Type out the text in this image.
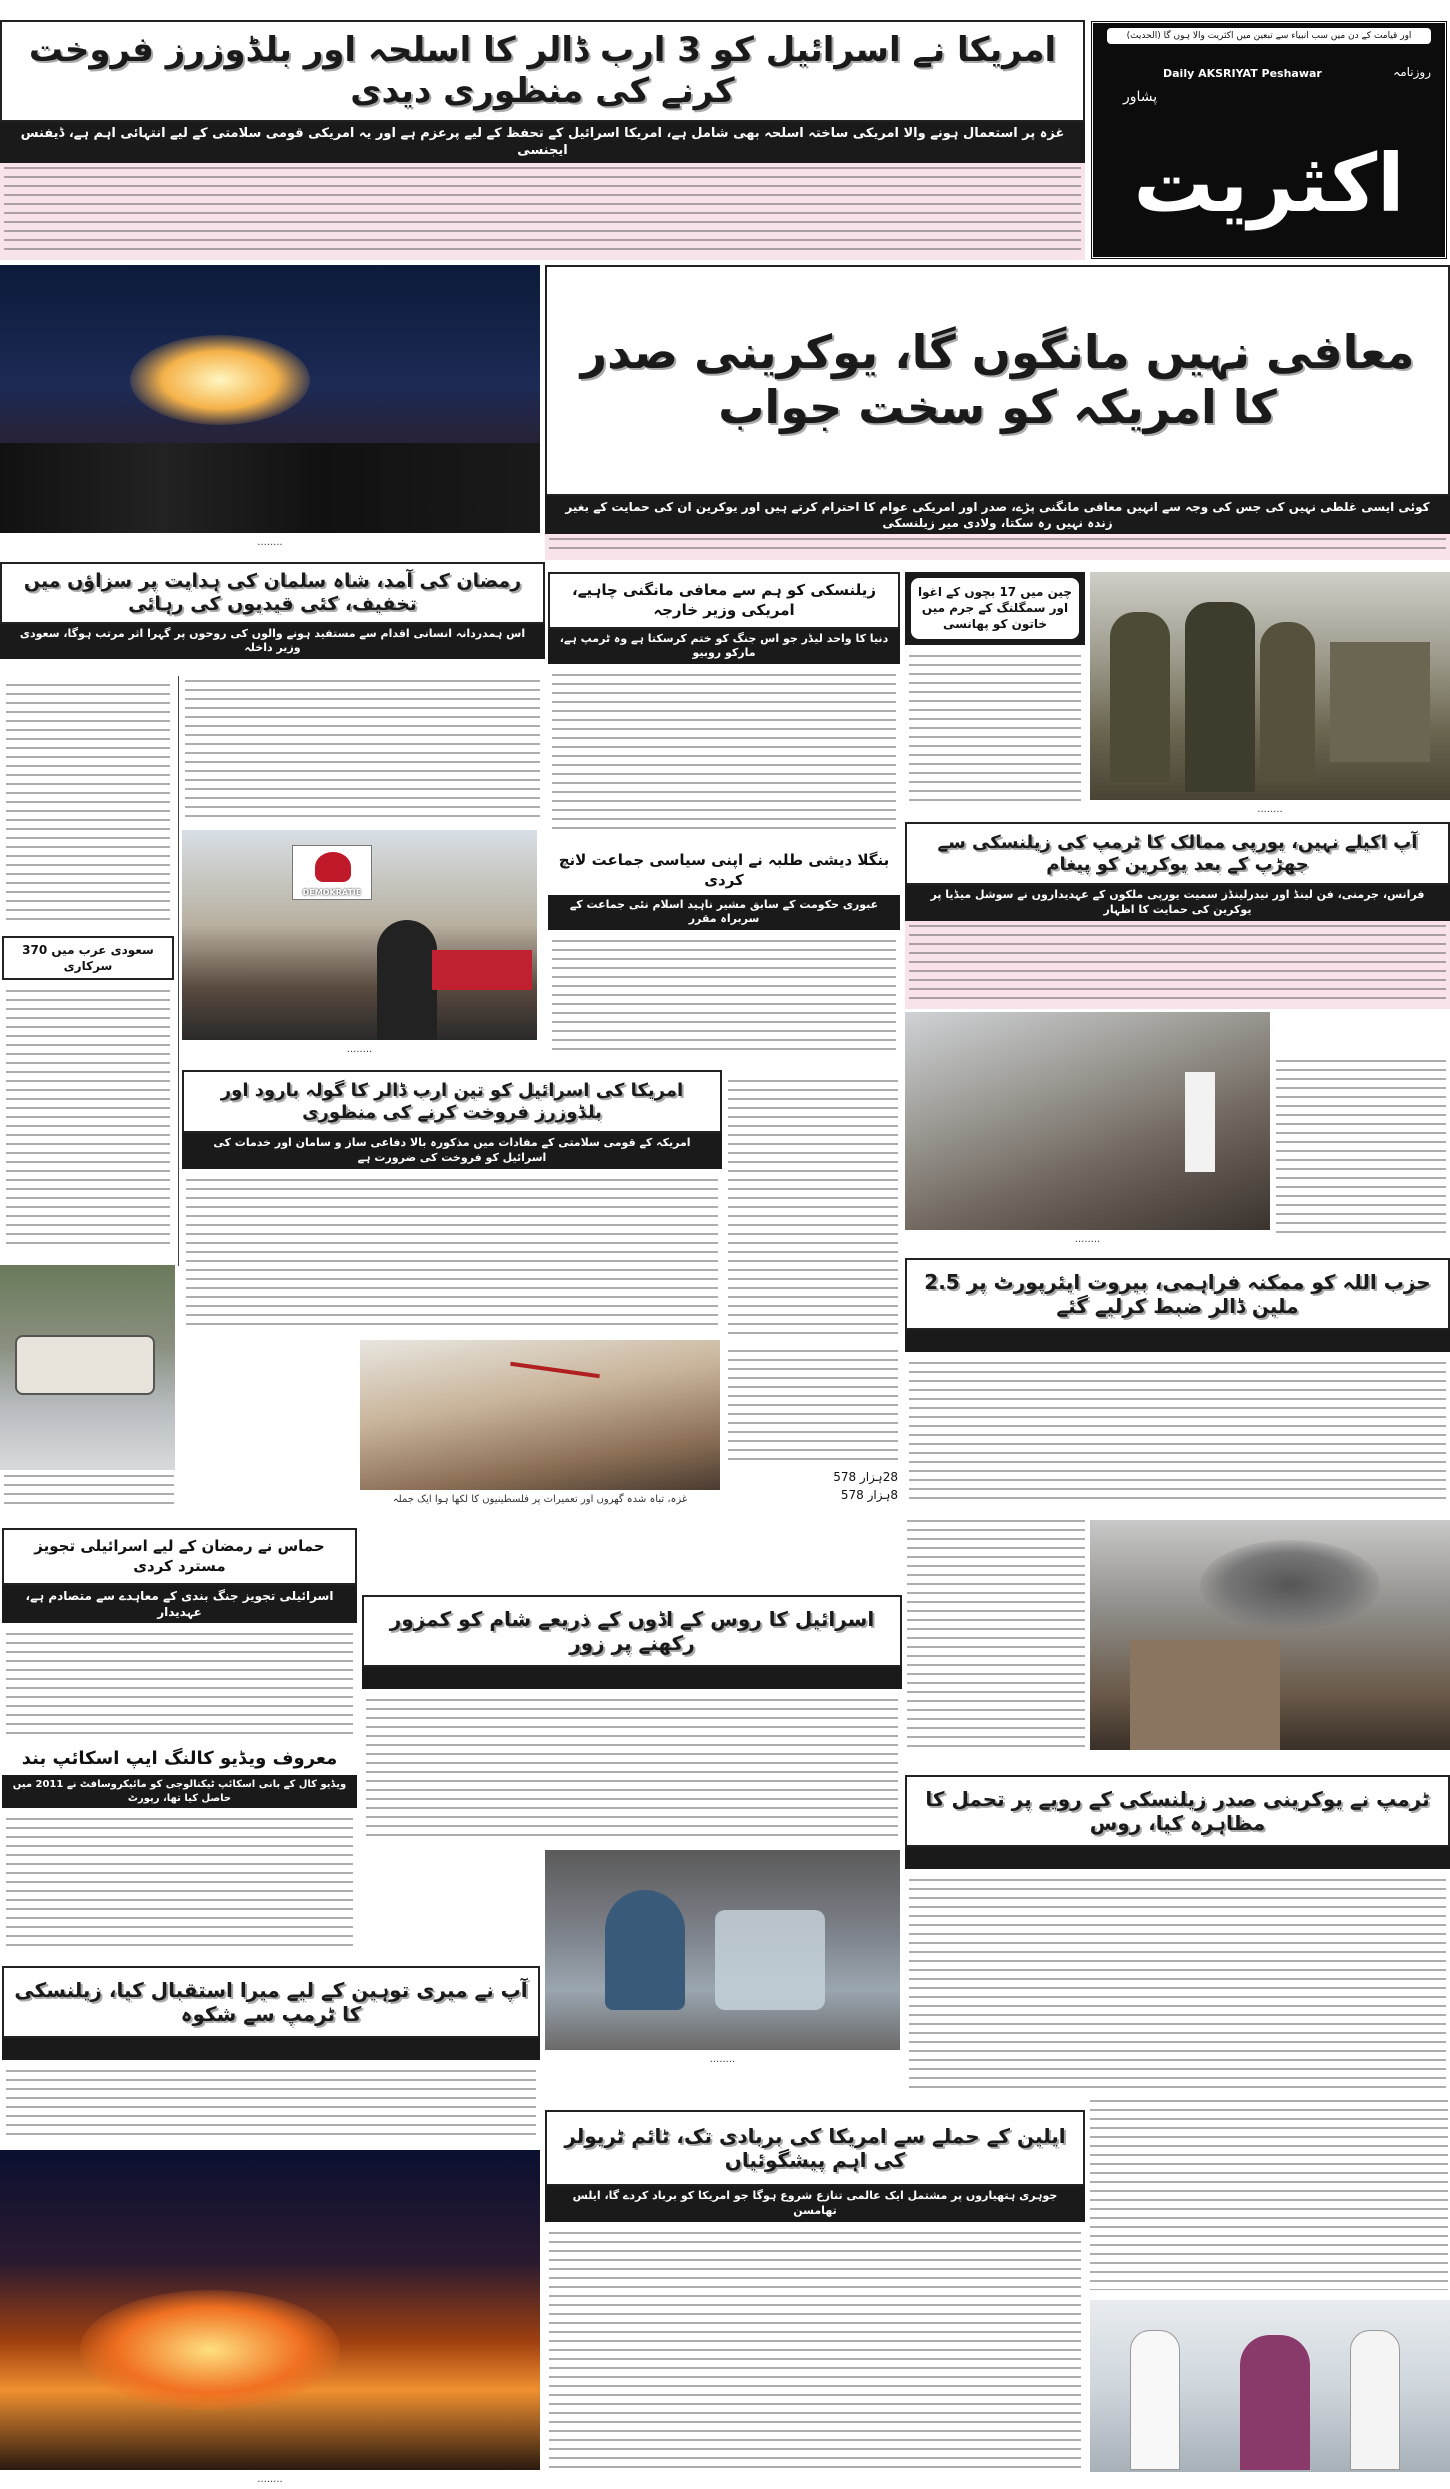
اور قیامت کے دن میں سب انبیاء سے تبعین میں اکثریت والا ہوں گا (الحدیث)
Daily AKSRIYAT Peshawar	روزنامہ
پشاور
اکثریت
امریکا نے اسرائیل کو 3 ارب ڈالر کا اسلحہ اور بلڈوزرز فروخت کرنے کی منظوری دیدی
غزہ پر استعمال ہونے والا امریکی ساختہ اسلحہ بھی شامل ہے، امریکا اسرائیل کے تحفظ کے لیے پرعزم ہے اور یہ امریکی قومی سلامتی کے لیے انتہائی اہم ہے، ڈیفنس ایجنسی
........
معافی نہیں مانگوں گا، یوکرینی صدر کا امریکہ کو سخت جواب
کوئی ایسی غلطی نہیں کی جس کی وجہ سے انہیں معافی مانگنی پڑے، صدر اور امریکی عوام کا احترام کرتے ہیں اور یوکرین ان کی حمایت کے بغیر زندہ نہیں رہ سکتا، ولادی میر زیلنسکی
رمضان کی آمد، شاہ سلمان کی ہدایت پر سزاؤں میں تخفیف، کئی قیدیوں کی رہائی
اس ہمدردانہ انسانی اقدام سے مستفید ہونے والوں کی روحوں پر گہرا اثر مرتب ہوگا، سعودی وزیر داخلہ
سعودی عرب میں 370 سرکاری
DEMOKRATIE
........
زیلنسکی کو ہم سے معافی مانگنی چاہیے، امریکی وزیر خارجہ
دنیا کا واحد لیڈر جو اس جنگ کو ختم کرسکتا ہے وہ ٹرمپ ہے، مارکو روبیو
چین میں 17 بچوں کے اغوا اور سمگلنگ کے جرم میں خاتون کو پھانسی
........
بنگلا دیشی طلبہ نے اپنی سیاسی جماعت لانچ کردی
عبوری حکومت کے سابق مشیر ناہید اسلام نئی جماعت کے سربراہ مقرر
آپ اکیلے نہیں، یورپی ممالک کا ٹرمپ کی زیلنسکی سے جھڑپ کے بعد یوکرین کو پیغام
فرانس، جرمنی، فن لینڈ اور نیدرلینڈز سمیت یورپی ملکوں کے عہدیداروں نے سوشل میڈیا پر یوکرین کی حمایت کا اظہار
........
امریکا کی اسرائیل کو تین ارب ڈالر کا گولہ بارود اور بلڈوزرز فروخت کرنے کی منظوری
امریکہ کے قومی سلامتی کے مفادات میں مذکورہ بالا دفاعی ساز و سامان اور خدمات کی اسرائیل کو فروخت کی ضرورت ہے
28ہزار 578
8ہزار 578
غزہ، تباہ شدہ گھروں اور تعمیرات پر فلسطینیوں کا لکھا ہوا ایک جملہ
حزب اللہ کو ممکنہ فراہمی، بیروت ایئرپورٹ پر 2.5 ملین ڈالر ضبط کرلیے گئے
حماس نے رمضان کے لیے اسرائیلی تجویز مسترد کردی
اسرائیلی تجویز جنگ بندی کے معاہدے سے متصادم ہے، عہدیدار	اسرائیل کا روس کے اڈوں کے ذریعے شام کو کمزور رکھنے پر زور
معروف ویڈیو کالنگ ایپ اسکائپ بند
ویڈیو کال کے بانی اسکائپ ٹیکنالوجی کو مائیکروسافٹ نے 2011 میں حاصل کیا تھا، رپورٹ
........
ٹرمپ نے یوکرینی صدر زیلنسکی کے رویے پر تحمل کا مظاہرہ کیا، روس
آپ نے میری توہین کے لیے میرا استقبال کیا، زیلنسکی کا ٹرمپ سے شکوہ
........
ایلین کے حملے سے امریکا کی بربادی تک، ٹائم ٹریولر کی اہم پیشگوئیاں
جوہری ہتھیاروں پر مشتمل ایک عالمی تنازع شروع ہوگا جو امریکا کو برباد کردے گا، ایلس تھامسن
